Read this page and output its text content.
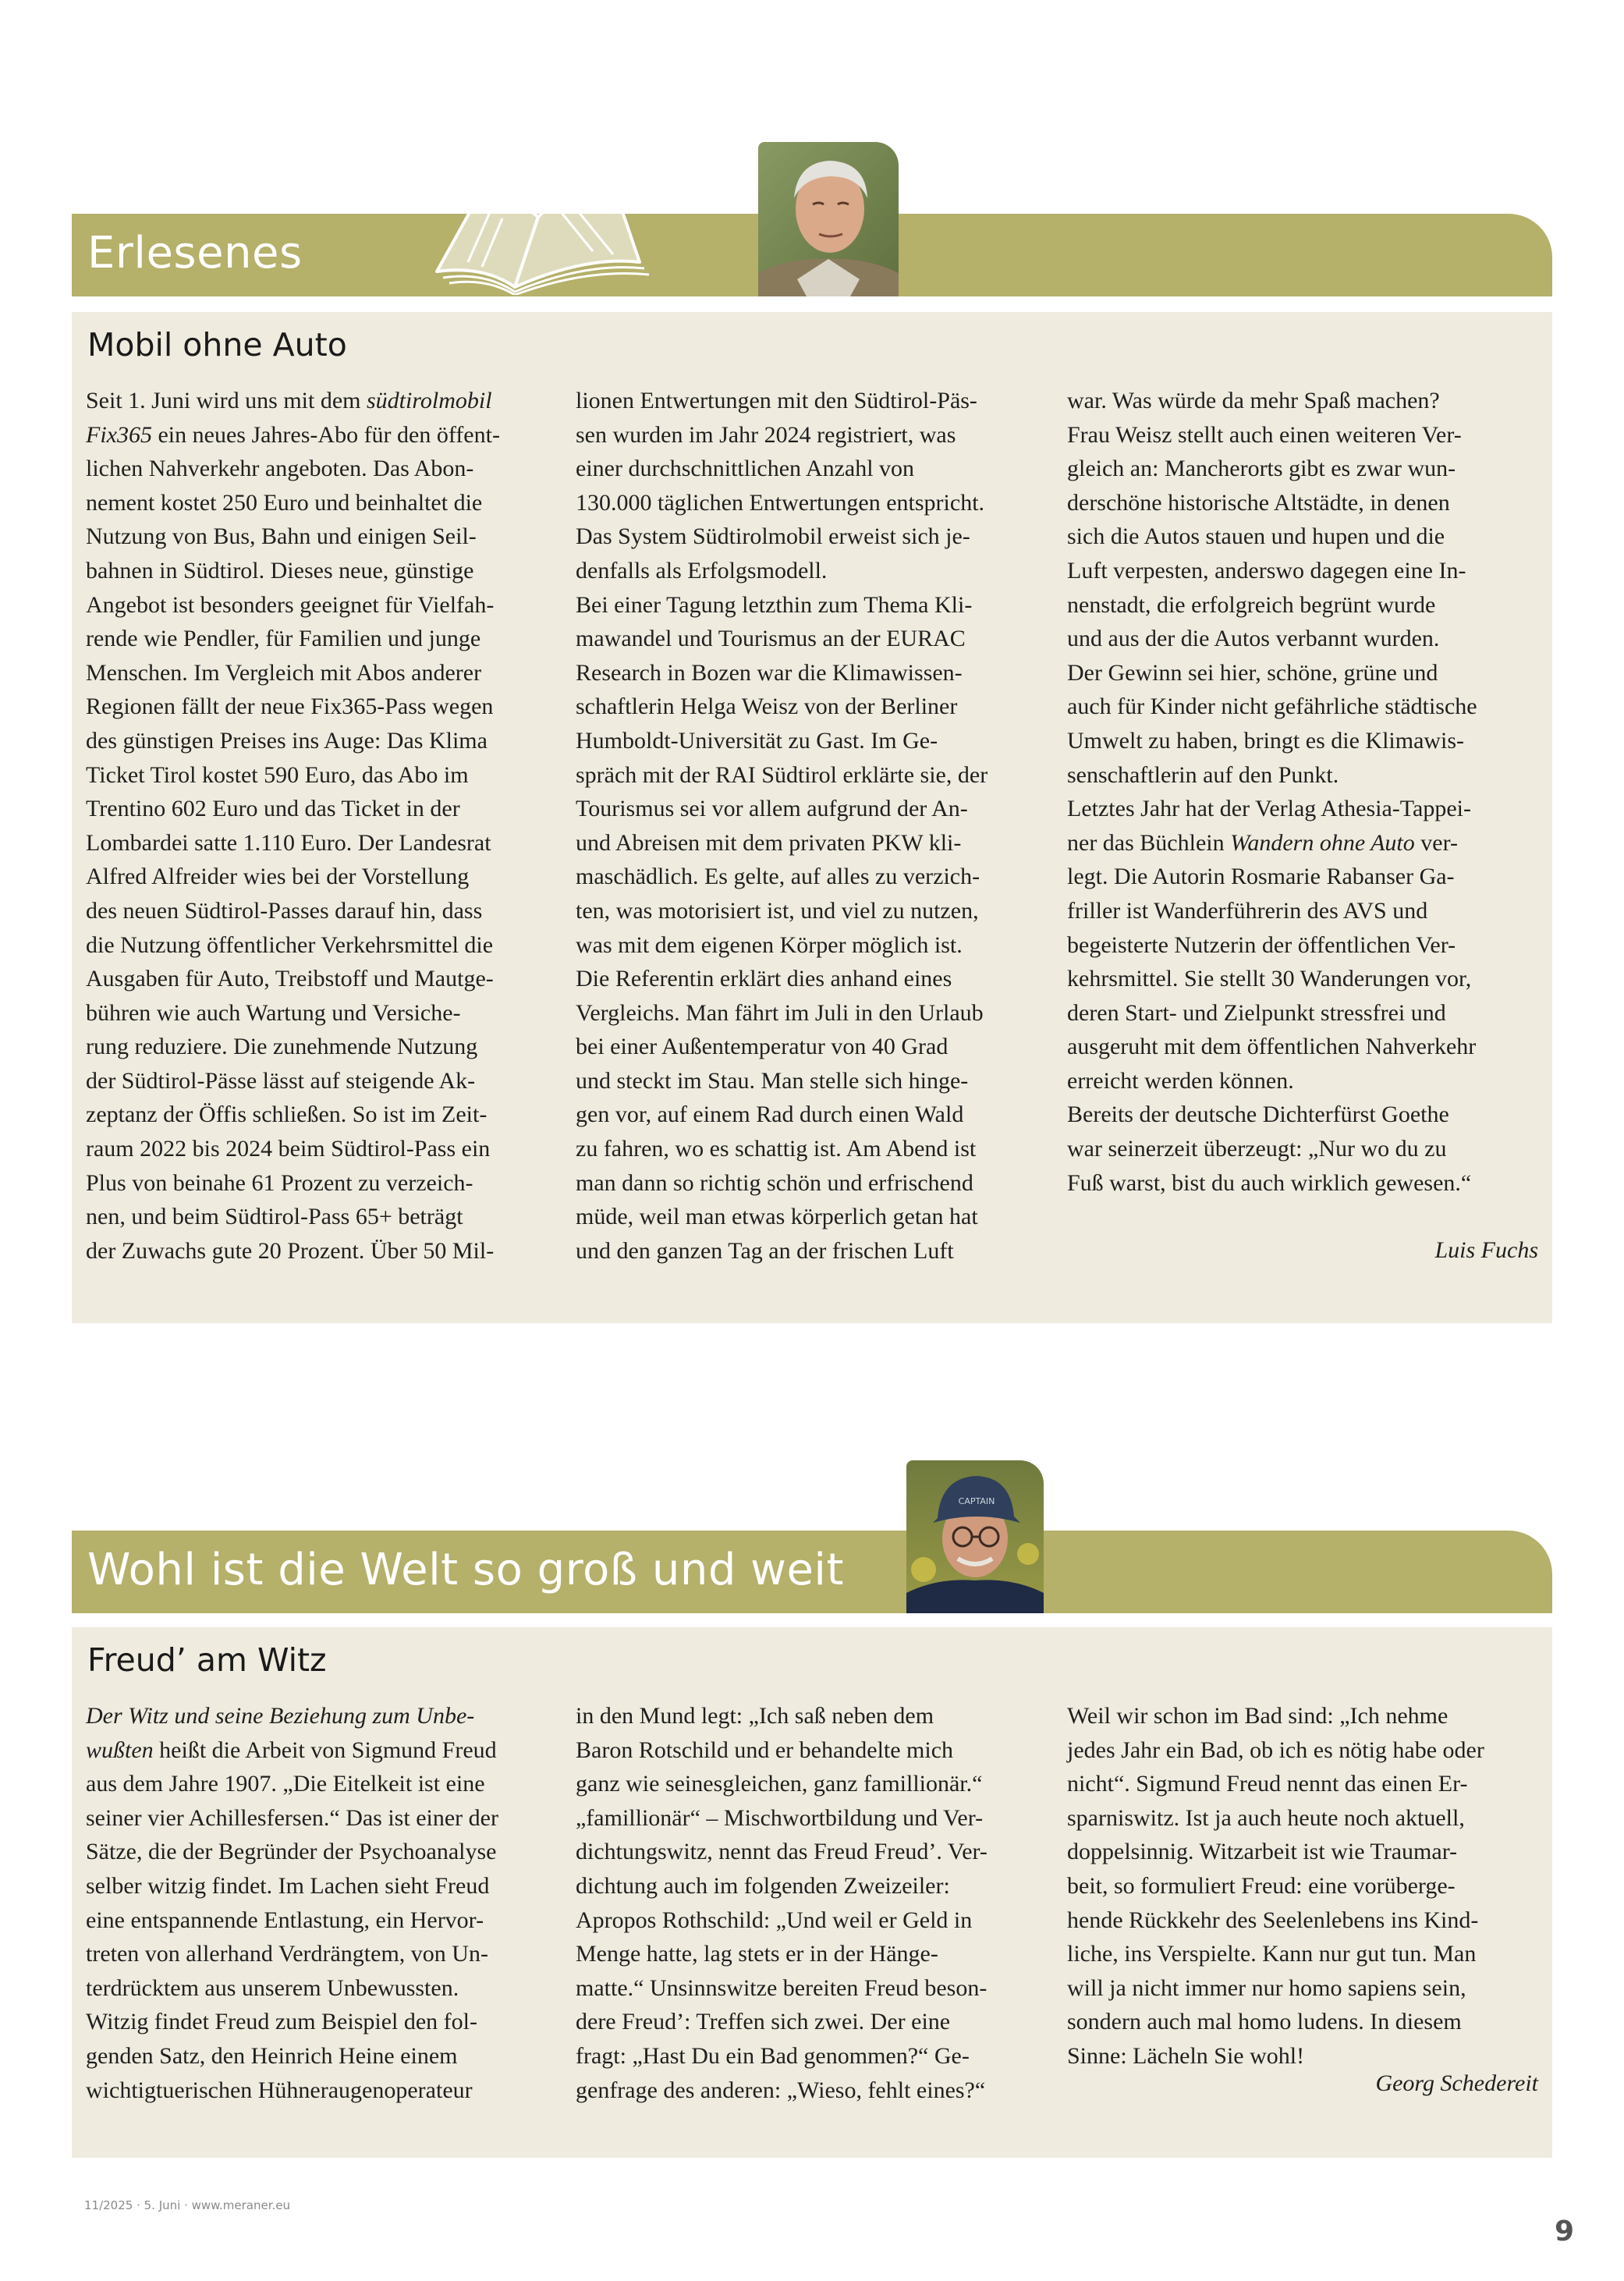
Erlesenes
Mobil ohne Auto
Seit 1. Juni wird uns mit dem südtirolmobil
Fix365 ein neues Jahres-Abo für den öffent-
lichen Nahverkehr angeboten. Das Abon-
nement kostet 250 Euro und beinhaltet die
Nutzung von Bus, Bahn und einigen Seil-
bahnen in Südtirol. Dieses neue, günstige
Angebot ist besonders geeignet für Vielfah-
rende wie Pendler, für Familien und junge
Menschen. Im Vergleich mit Abos anderer
Regionen fällt der neue Fix365-Pass wegen
des günstigen Preises ins Auge: Das Klima
Ticket Tirol kostet 590 Euro, das Abo im
Trentino 602 Euro und das Ticket in der
Lombardei satte 1.110 Euro. Der Landesrat
Alfred Alfreider wies bei der Vorstellung
des neuen Südtirol-Passes darauf hin, dass
die Nutzung öffentlicher Verkehrsmittel die
Ausgaben für Auto, Treibstoff und Mautge-
bühren wie auch Wartung und Versiche-
rung reduziere. Die zunehmende Nutzung
der Südtirol-Pässe lässt auf steigende Ak-
zeptanz der Öffis schließen. So ist im Zeit-
raum 2022 bis 2024 beim Südtirol-Pass ein
Plus von beinahe 61 Prozent zu verzeich-
nen, und beim Südtirol-Pass 65+ beträgt
der Zuwachs gute 20 Prozent. Über 50 Mil-
lionen Entwertungen mit den Südtirol-Päs-
sen wurden im Jahr 2024 registriert, was
einer durchschnittlichen Anzahl von
130.000 täglichen Entwertungen entspricht.
Das System Südtirolmobil erweist sich je-
denfalls als Erfolgsmodell.
Bei einer Tagung letzthin zum Thema Kli-
mawandel und Tourismus an der EURAC
Research in Bozen war die Klimawissen-
schaftlerin Helga Weisz von der Berliner
Humboldt-Universität zu Gast. Im Ge-
spräch mit der RAI Südtirol erklärte sie, der
Tourismus sei vor allem aufgrund der An-
und Abreisen mit dem privaten PKW kli-
maschädlich. Es gelte, auf alles zu verzich-
ten, was motorisiert ist, und viel zu nutzen,
was mit dem eigenen Körper möglich ist.
Die Referentin erklärt dies anhand eines
Vergleichs. Man fährt im Juli in den Urlaub
bei einer Außentemperatur von 40 Grad
und steckt im Stau. Man stelle sich hinge-
gen vor, auf einem Rad durch einen Wald
zu fahren, wo es schattig ist. Am Abend ist
man dann so richtig schön und erfrischend
müde, weil man etwas körperlich getan hat
und den ganzen Tag an der frischen Luft
war. Was würde da mehr Spaß machen?
Frau Weisz stellt auch einen weiteren Ver-
gleich an: Mancherorts gibt es zwar wun-
derschöne historische Altstädte, in denen
sich die Autos stauen und hupen und die
Luft verpesten, anderswo dagegen eine In-
nenstadt, die erfolgreich begrünt wurde
und aus der die Autos verbannt wurden.
Der Gewinn sei hier, schöne, grüne und
auch für Kinder nicht gefährliche städtische
Umwelt zu haben, bringt es die Klimawis-
senschaftlerin auf den Punkt.
Letztes Jahr hat der Verlag Athesia-Tappei-
ner das Büchlein Wandern ohne Auto ver-
legt. Die Autorin Rosmarie Rabanser Ga-
friller ist Wanderführerin des AVS und
begeisterte Nutzerin der öffentlichen Ver-
kehrsmittel. Sie stellt 30 Wanderungen vor,
deren Start- und Zielpunkt stressfrei und
ausgeruht mit dem öffentlichen Nahverkehr
erreicht werden können.
Bereits der deutsche Dichterfürst Goethe
war seinerzeit überzeugt: „Nur wo du zu
Fuß warst, bist du auch wirklich gewesen.“
Luis Fuchs
Wohl ist die Welt so groß und weit
CAPTAIN
Freud’ am Witz
Der Witz und seine Beziehung zum Unbe-
wußten heißt die Arbeit von Sigmund Freud
aus dem Jahre 1907. „Die Eitelkeit ist eine
seiner vier Achillesfersen.“ Das ist einer der
Sätze, die der Begründer der Psychoanalyse
selber witzig findet. Im Lachen sieht Freud
eine entspannende Entlastung, ein Hervor-
treten von allerhand Verdrängtem, von Un-
terdrücktem aus unserem Unbewussten.
Witzig findet Freud zum Beispiel den fol-
genden Satz, den Heinrich Heine einem
wichtigtuerischen Hühneraugenoperateur
in den Mund legt: „Ich saß neben dem
Baron Rotschild und er behandelte mich
ganz wie seinesgleichen, ganz famillionär.“
„famillionär“ – Mischwortbildung und Ver-
dichtungswitz, nennt das Freud Freud’. Ver-
dichtung auch im folgenden Zweizeiler:
Apropos Rothschild: „Und weil er Geld in
Menge hatte, lag stets er in der Hänge-
matte.“ Unsinnswitze bereiten Freud beson-
dere Freud’: Treffen sich zwei. Der eine
fragt: „Hast Du ein Bad genommen?“ Ge-
genfrage des anderen: „Wieso, fehlt eines?“
Weil wir schon im Bad sind: „Ich nehme
jedes Jahr ein Bad, ob ich es nötig habe oder
nicht“. Sigmund Freud nennt das einen Er-
sparniswitz. Ist ja auch heute noch aktuell,
doppelsinnig. Witzarbeit ist wie Traumar-
beit, so formuliert Freud: eine vorüberge-
hende Rückkehr des Seelenlebens ins Kind-
liche, ins Verspielte. Kann nur gut tun. Man
will ja nicht immer nur homo sapiens sein,
sondern auch mal homo ludens. In diesem
Sinne: Lächeln Sie wohl!
Georg Schedereit
11/2025 · 5. Juni · www.meraner.eu
9
